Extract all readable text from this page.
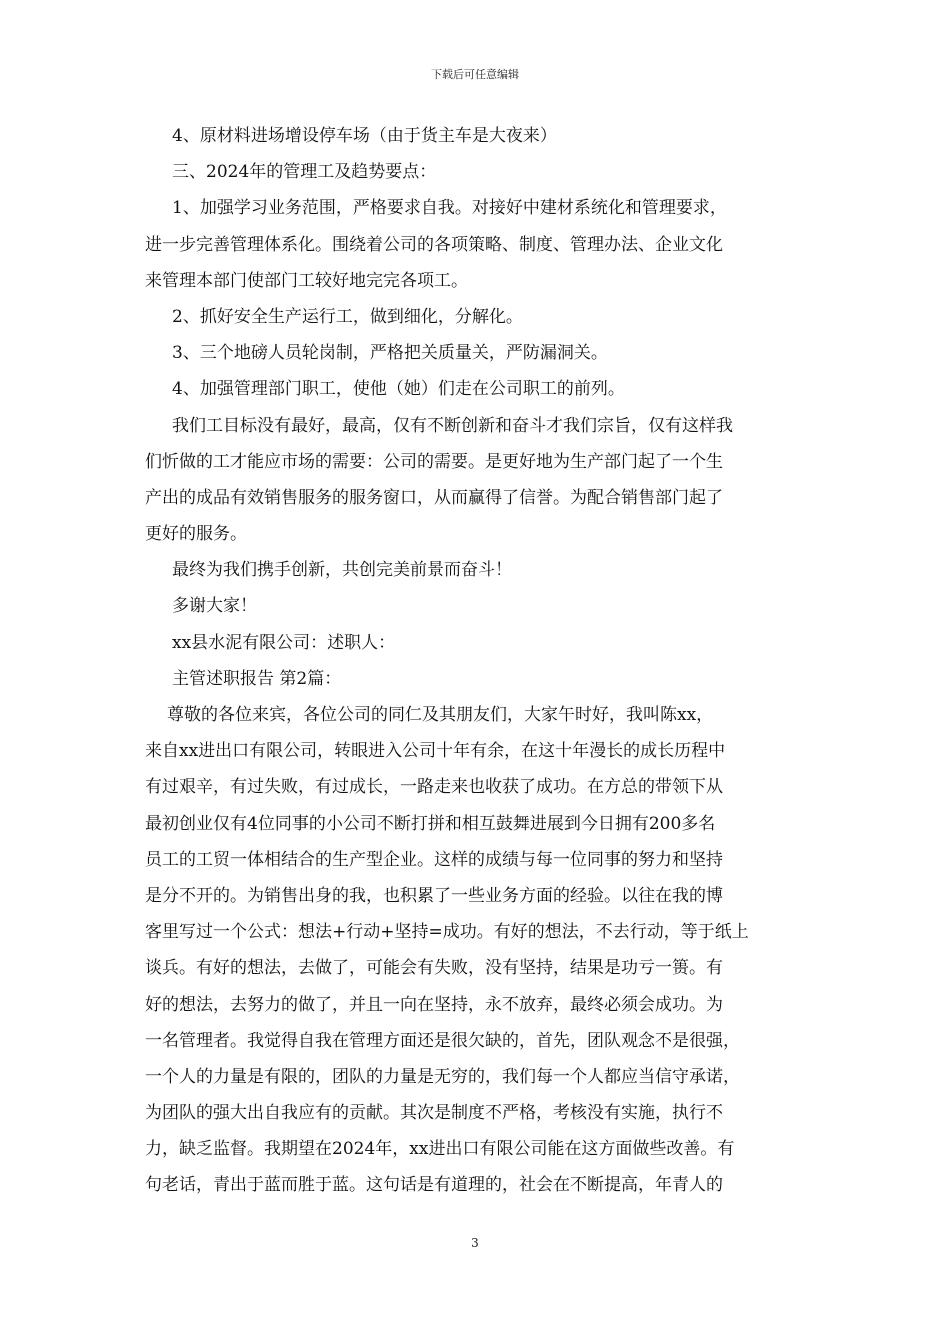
下载后可任意编辑
4、原材料进场增设停车场（由于货主车是大夜来）
三、2024年的管理工及趋势要点：
1、加强学习业务范围，严格要求自我。对接好中建材系统化和管理要求，
进一步完善管理体系化。围绕着公司的各项策略、制度、管理办法、企业文化
来管理本部门使部门工较好地完完各项工。
2、抓好安全生产运行工，做到细化，分解化。
3、三个地磅人员轮岗制，严格把关质量关，严防漏洞关。
4、加强管理部门职工，使他（她）们走在公司职工的前列。
我们工目标没有最好，最高，仅有不断创新和奋斗才我们宗旨，仅有这样我
们忻做的工才能应市场的需要：公司的需要。是更好地为生产部门起了一个生
产出的成品有效销售服务的服务窗口，从而赢得了信誉。为配合销售部门起了
更好的服务。
最终为我们携手创新，共创完美前景而奋斗！
多谢大家！
xx县水泥有限公司：述职人：
主管述职报告 第2篇：
尊敬的各位来宾，各位公司的同仁及其朋友们，大家午时好，我叫陈xx，
来自xx进出口有限公司，转眼进入公司十年有余，在这十年漫长的成长历程中
有过艰辛，有过失败，有过成长，一路走来也收获了成功。在方总的带领下从
最初创业仅有4位同事的小公司不断打拼和相互鼓舞进展到今日拥有200多名
员工的工贸一体相结合的生产型企业。这样的成绩与每一位同事的努力和坚持
是分不开的。为销售出身的我，也积累了一些业务方面的经验。以往在我的博
客里写过一个公式：想法+行动+坚持=成功。有好的想法，不去行动，等于纸上
谈兵。有好的想法，去做了，可能会有失败，没有坚持，结果是功亏一篑。有
好的想法，去努力的做了，并且一向在坚持，永不放弃，最终必须会成功。为
一名管理者。我觉得自我在管理方面还是很欠缺的，首先，团队观念不是很强，
一个人的力量是有限的，团队的力量是无穷的，我们每一个人都应当信守承诺，
为团队的强大出自我应有的贡献。其次是制度不严格，考核没有实施，执行不
力，缺乏监督。我期望在2024年，xx进出口有限公司能在这方面做些改善。有
句老话，青出于蓝而胜于蓝。这句话是有道理的，社会在不断提高，年青人的
3
